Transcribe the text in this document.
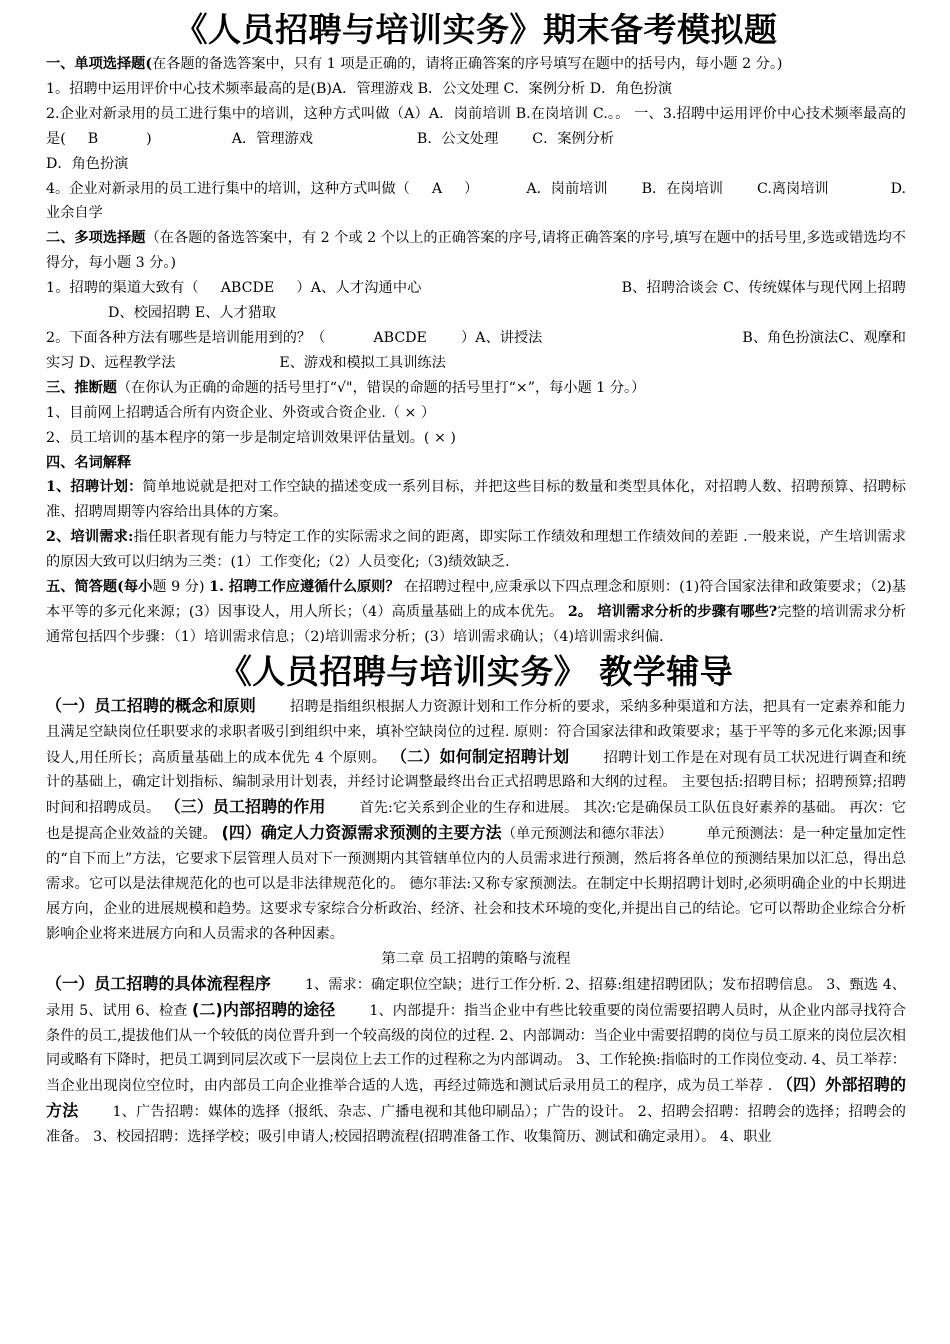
《人员招聘与培训实务》期末备考模拟题

一、单项选择题(在各题的备选答案中，只有 1 项是正确的，请将正确答案的序号填写在题中的括号内，每小题 2 分。)

1。招聘中运用评价中心技术频率最高的是(B)A．管理游戏 B．公文处理 C．案例分析 D．角色扮演

2.企业对新录用的员工进行集中的培训，这种方式叫做（A）A．岗前培训 B.在岗培训 C.。。 一、3.招聘中运用评价中心技术频率最高的是( B	)	A．管理游戏	B．公文处理 C．案例分析

D．角色扮演

4。企业对新录用的员工进行集中的培训，这种方式叫做（ A ）	A．岗前培训 B．在岗培训 C.离岗培训	D.业余自学

二、多项选择题（在各题的备选答案中，有 2 个或 2 个以上的正确答案的序号,请将正确答案的序号,填写在题中的括号里,多选或错选均不得分，每小题 3 分。)

1。招聘的渠道大致有（ ABCDE ）A、人才沟通中心	B、招聘洽谈会 C、传统媒体与现代网上招聘D、校园招聘 E、人才猎取

2。下面各种方法有哪些是培训能用到的？（	ABCDE ）A、讲授法	B、角色扮演法C、观摩和实习 D、远程教学法	E、游戏和模拟工具训练法

三、推断题（在你认为正确的命题的括号里打“√"，错误的命题的括号里打“×”，每小题 1 分。）

1、目前网上招聘适合所有内资企业、外资或合资企业.（ × ）

2、员工培训的基本程序的第一步是制定培训效果评估量划。( × )

四、名词解释

1、招聘计划：简单地说就是把对工作空缺的描述变成一系列目标，并把这些目标的数量和类型具体化，对招聘人数、招聘预算、招聘标准、招聘周期等内容给出具体的方案。

2、培训需求:指任职者现有能力与特定工作的实际需求之间的距离，即实际工作绩效和理想工作绩效间的差距 .一般来说，产生培训需求的原因大致可以归纳为三类：(1）工作变化;（2）人员变化;（3)绩效缺乏.

五、简答题(每小题 9 分) 1. 招聘工作应遵循什么原则？ 在招聘过程中,应秉承以下四点理念和原则：(1)符合国家法律和政策要求；（2)基本平等的多元化来源；(3）因事设人，用人所长；（4）高质量基础上的成本优先。 2。 培训需求分析的步骤有哪些?完整的培训需求分析通常包括四个步骤：（1）培训需求信息；（2)培训需求分析；(3）培训需求确认；（4)培训需求纠偏.

《人员招聘与培训实务》 教学辅导

（一）员工招聘的概念和原则 招聘是指组织根据人力资源计划和工作分析的要求，采纳多种渠道和方法，把具有一定素养和能力且满足空缺岗位任职要求的求职者吸引到组织中来，填补空缺岗位的过程. 原则：符合国家法律和政策要求；基于平等的多元化来源;因事设人,用任所长；高质量基础上的成本优先 4 个原则。 （二）如何制定招聘计划 招聘计划工作是在对现有员工状况进行调查和统计的基础上，确定计划指标、编制录用计划表，并经讨论调整最终出台正式招聘思路和大纲的过程。 主要包括:招聘目标；招聘预算;招聘时间和招聘成员。 （三）员工招聘的作用 首先:它关系到企业的生存和进展。 其次:它是确保员工队伍良好素养的基础。 再次：它也是提高企业效益的关键。 (四）确定人力资源需求预测的主要方法（单元预测法和德尔菲法） 单元预测法：是一种定量加定性的“自下而上”方法，它要求下层管理人员对下一预测期内其管辖单位内的人员需求进行预测，然后将各单位的预测结果加以汇总，得出总需求。它可以是法律规范化的也可以是非法律规范化的。 德尔菲法:又称专家预测法。在制定中长期招聘计划时,必须明确企业的中长期进展方向，企业的进展规模和趋势。这要求专家综合分析政治、经济、社会和技术环境的变化,并提出自己的结论。它可以帮助企业综合分析影响企业将来进展方向和人员需求的各种因素。

第二章 员工招聘的策略与流程

（一）员工招聘的具体流程程序 1、需求：确定职位空缺；进行工作分析. 2、招募:组建招聘团队；发布招聘信息。 3、甄选 4、录用 5、试用 6、检查 (二)内部招聘的途径 1、内部提升：指当企业中有些比较重要的岗位需要招聘人员时，从企业内部寻找符合条件的员工,提拔他们从一个较低的岗位晋升到一个较高级的岗位的过程. 2、内部调动：当企业中需要招聘的岗位与员工原来的岗位层次相同或略有下降时，把员工调到同层次或下一层岗位上去工作的过程称之为内部调动。 3、工作轮换:指临时的工作岗位变动. 4、员工举荐：当企业出现岗位空位时，由内部员工向企业推举合适的人选，再经过筛选和测试后录用员工的程序，成为员工举荐 . （四）外部招聘的方法 1、广告招聘：媒体的选择（报纸、杂志、广播电视和其他印刷品）；广告的设计。 2、招聘会招聘：招聘会的选择；招聘会的准备。 3、校园招聘：选择学校；吸引申请人;校园招聘流程(招聘准备工作、收集简历、测试和确定录用）。 4、职业
